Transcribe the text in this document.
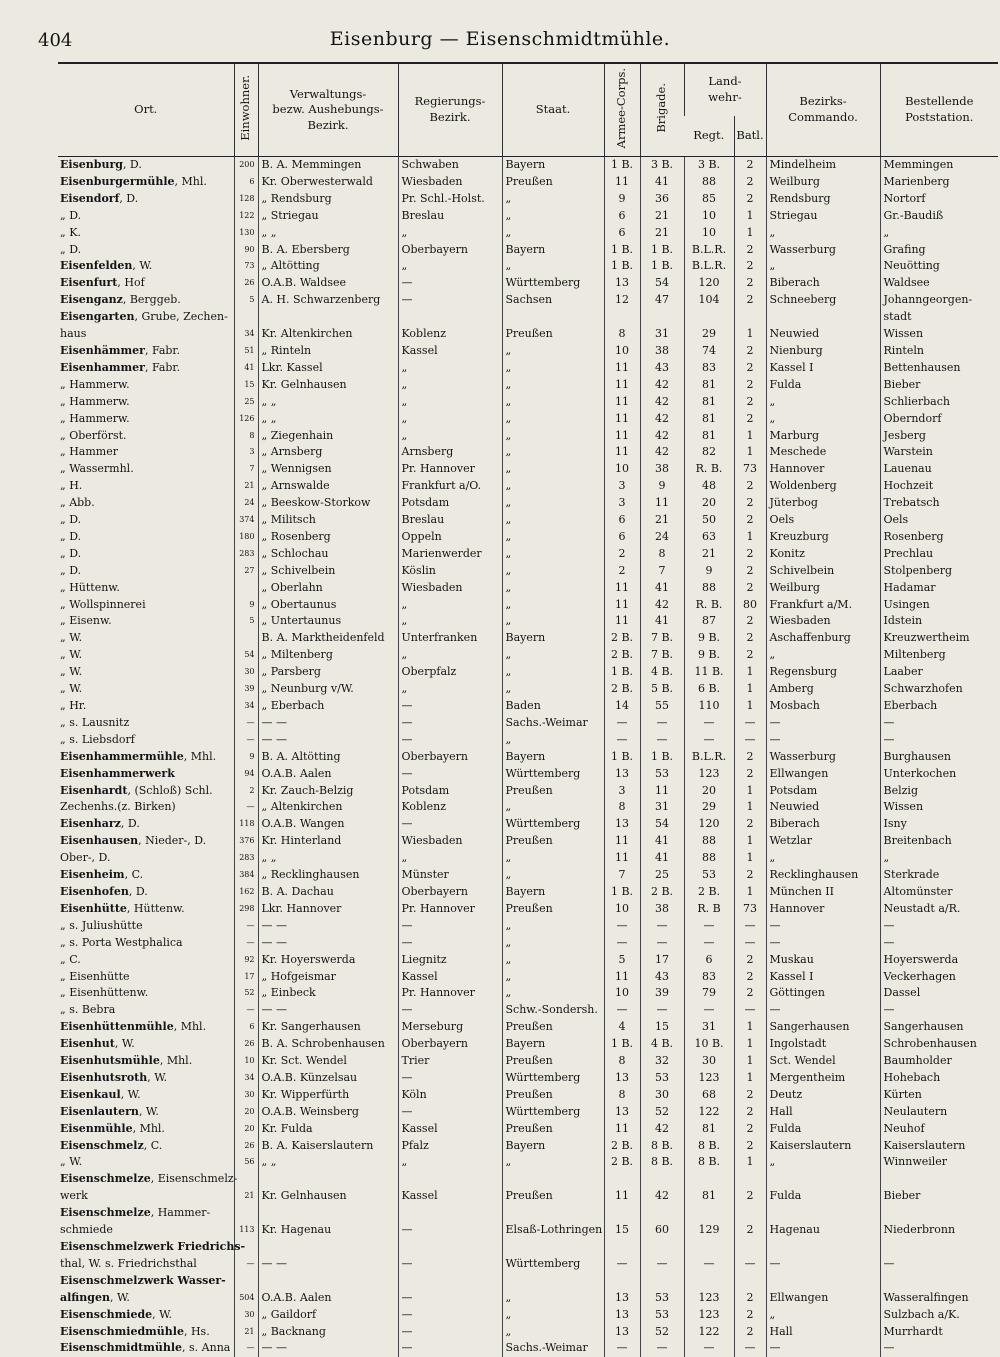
404	Eisenburg — Eisenschmidtmühle.
Ort.	Einwohner.	Verwaltungs-
bezw. Aushebungs-
Bezirk.	Regierungs-
Bezirk.	Staat.	Armee-Corps.	Brigade.	Land-
wehr-		Bezirks-
Commando.	Bestellende
Poststation.
							Regt.	Batl.		
Eisenburg, D.	200	B. A. Memmingen	Schwaben	Bayern	1 B.	3 B.	3 B.	2	Mindelheim	Memmingen
Eisenburgermühle, Mhl.	6	Kr. Oberwesterwald	Wiesbaden	Preußen	11	41	88	2	Weilburg	Marienberg
Eisendorf, D.	128	„ Rendsburg	Pr. Schl.-Holst.	„	9	36	85	2	Rendsburg	Nortorf
„ D.	122	„ Striegau	Breslau	„	6	21	10	1	Striegau	Gr.-Baudiß
„ K.	130	„ „	„	„	6	21	10	1	„	„
„ D.	90	B. A. Ebersberg	Oberbayern	Bayern	1 B.	1 B.	B.L.R.	2	Wasserburg	Grafing
Eisenfelden, W.	73	„ Altötting	„	„	1 B.	1 B.	B.L.R.	2	„	Neuötting
Eisenfurt, Hof	26	O.A.B. Waldsee	—	Württemberg	13	54	120	2	Biberach	Waldsee
Eisenganz, Berggeb.	5	A. H. Schwarzenberg	—	Sachsen	12	47	104	2	Schneeberg	Johanngeorgen-
Eisengarten, Grube, Zechen-										stadt
haus	34	Kr. Altenkirchen	Koblenz	Preußen	8	31	29	1	Neuwied	Wissen
Eisenhämmer, Fabr.	51	„ Rinteln	Kassel	„	10	38	74	2	Nienburg	Rinteln
Eisenhammer, Fabr.	41	Lkr. Kassel	„	„	11	43	83	2	Kassel I	Bettenhausen
„ Hammerw.	15	Kr. Gelnhausen	„	„	11	42	81	2	Fulda	Bieber
„ Hammerw.	25	„ „	„	„	11	42	81	2	„	Schlierbach
„ Hammerw.	126	„ „	„	„	11	42	81	2	„	Oberndorf
„ Oberförst.	8	„ Ziegenhain	„	„	11	42	81	1	Marburg	Jesberg
„ Hammer	3	„ Arnsberg	Arnsberg	„	11	42	82	1	Meschede	Warstein
„ Wassermhl.	7	„ Wennigsen	Pr. Hannover	„	10	38	R. B.	73	Hannover	Lauenau
„ H.	21	„ Arnswalde	Frankfurt a/O.	„	3	9	48	2	Woldenberg	Hochzeit
„ Abb.	24	„ Beeskow-Storkow	Potsdam	„	3	11	20	2	Jüterbog	Trebatsch
„ D.	374	„ Militsch	Breslau	„	6	21	50	2	Oels	Oels
„ D.	180	„ Rosenberg	Oppeln	„	6	24	63	1	Kreuzburg	Rosenberg
„ D.	283	„ Schlochau	Marienwerder	„	2	8	21	2	Konitz	Prechlau
„ D.	27	„ Schivelbein	Köslin	„	2	7	9	2	Schivelbein	Stolpenberg
„ Hüttenw.		„ Oberlahn	Wiesbaden	„	11	41	88	2	Weilburg	Hadamar
„ Wollspinnerei	9	„ Obertaunus	„	„	11	42	R. B.	80	Frankfurt a/M.	Usingen
„ Eisenw.	5	„ Untertaunus	„	„	11	41	87	2	Wiesbaden	Idstein
„ W.		B. A. Marktheidenfeld	Unterfranken	Bayern	2 B.	7 B.	9 B.	2	Aschaffenburg	Kreuzwertheim
„ W.	54	„ Miltenberg	„	„	2 B.	7 B.	9 B.	2	„	Miltenberg
„ W.	30	„ Parsberg	Oberpfalz	„	1 B.	4 B.	11 B.	1	Regensburg	Laaber
„ W.	39	„ Neunburg v/W.	„	„	2 B.	5 B.	6 B.	1	Amberg	Schwarzhofen
„ Hr.	34	„ Eberbach	—	Baden	14	55	110	1	Mosbach	Eberbach
„ s. Lausnitz	—	— —	—	Sachs.-Weimar	—	—	—	—	—	—
„ s. Liebsdorf	—	— —	—	„	—	—	—	—	—	—
Eisenhammermühle, Mhl.	9	B. A. Altötting	Oberbayern	Bayern	1 B.	1 B.	B.L.R.	2	Wasserburg	Burghausen
Eisenhammerwerk	94	O.A.B. Aalen	—	Württemberg	13	53	123	2	Ellwangen	Unterkochen
Eisenhardt, (Schloß) Schl.	2	Kr. Zauch-Belzig	Potsdam	Preußen	3	11	20	1	Potsdam	Belzig
Zechenhs.(z. Birken)	—	„ Altenkirchen	Koblenz	„	8	31	29	1	Neuwied	Wissen
Eisenharz, D.	118	O.A.B. Wangen	—	Württemberg	13	54	120	2	Biberach	Isny
Eisenhausen, Nieder-, D.	376	Kr. Hinterland	Wiesbaden	Preußen	11	41	88	1	Wetzlar	Breitenbach
Ober-, D.	283	„ „	„	„	11	41	88	1	„	„
Eisenheim, C.	384	„ Recklinghausen	Münster	„	7	25	53	2	Recklinghausen	Sterkrade
Eisenhofen, D.	162	B. A. Dachau	Oberbayern	Bayern	1 B.	2 B.	2 B.	1	München II	Altomünster
Eisenhütte, Hüttenw.	298	Lkr. Hannover	Pr. Hannover	Preußen	10	38	R. B	73	Hannover	Neustadt a/R.
„ s. Juliushütte	—	— —	—	„	—	—	—	—	—	—
„ s. Porta Westphalica	—	— —	—	„	—	—	—	—	—	—
„ C.	92	Kr. Hoyerswerda	Liegnitz	„	5	17	6	2	Muskau	Hoyerswerda
„ Eisenhütte	17	„ Hofgeismar	Kassel	„	11	43	83	2	Kassel I	Veckerhagen
„ Eisenhüttenw.	52	„ Einbeck	Pr. Hannover	„	10	39	79	2	Göttingen	Dassel
„ s. Bebra	—	— —	—	Schw.-Sondersh.	—	—	—	—	—	—
Eisenhüttenmühle, Mhl.	6	Kr. Sangerhausen	Merseburg	Preußen	4	15	31	1	Sangerhausen	Sangerhausen
Eisenhut, W.	26	B. A. Schrobenhausen	Oberbayern	Bayern	1 B.	4 B.	10 B.	1	Ingolstadt	Schrobenhausen
Eisenhutsmühle, Mhl.	10	Kr. Sct. Wendel	Trier	Preußen	8	32	30	1	Sct. Wendel	Baumholder
Eisenhutsroth, W.	34	O.A.B. Künzelsau	—	Württemberg	13	53	123	1	Mergentheim	Hohebach
Eisenkaul, W.	30	Kr. Wipperfürth	Köln	Preußen	8	30	68	2	Deutz	Kürten
Eisenlautern, W.	20	O.A.B. Weinsberg	—	Württemberg	13	52	122	2	Hall	Neulautern
Eisenmühle, Mhl.	20	Kr. Fulda	Kassel	Preußen	11	42	81	2	Fulda	Neuhof
Eisenschmelz, C.	26	B. A. Kaiserslautern	Pfalz	Bayern	2 B.	8 B.	8 B.	2	Kaiserslautern	Kaiserslautern
„ W.	56	„ „	„	„	2 B.	8 B.	8 B.	1	„	Winnweiler
Eisenschmelze, Eisenschmelz-										
werk	21	Kr. Gelnhausen	Kassel	Preußen	11	42	81	2	Fulda	Bieber
Eisenschmelze, Hammer-										
schmiede	113	Kr. Hagenau	—	Elsaß-Lothringen	15	60	129	2	Hagenau	Niederbronn
Eisenschmelzwerk Friedrichs-										
thal, W. s. Friedrichsthal	—	— —	—	Württemberg	—	—	—	—	—	—
Eisenschmelzwerk Wasser-										
alfingen, W.	504	O.A.B. Aalen	—	„	13	53	123	2	Ellwangen	Wasseralfingen
Eisenschmiede, W.	30	„ Gaildorf	—	„	13	53	123	2	„	Sulzbach a/K.
Eisenschmiedmühle, Hs.	21	„ Backnang	—	„	13	52	122	2	Hall	Murrhardt
Eisenschmidtmühle, s. Anna	—	— —	—	Sachs.-Weimar	—	—	—	—	—	—
